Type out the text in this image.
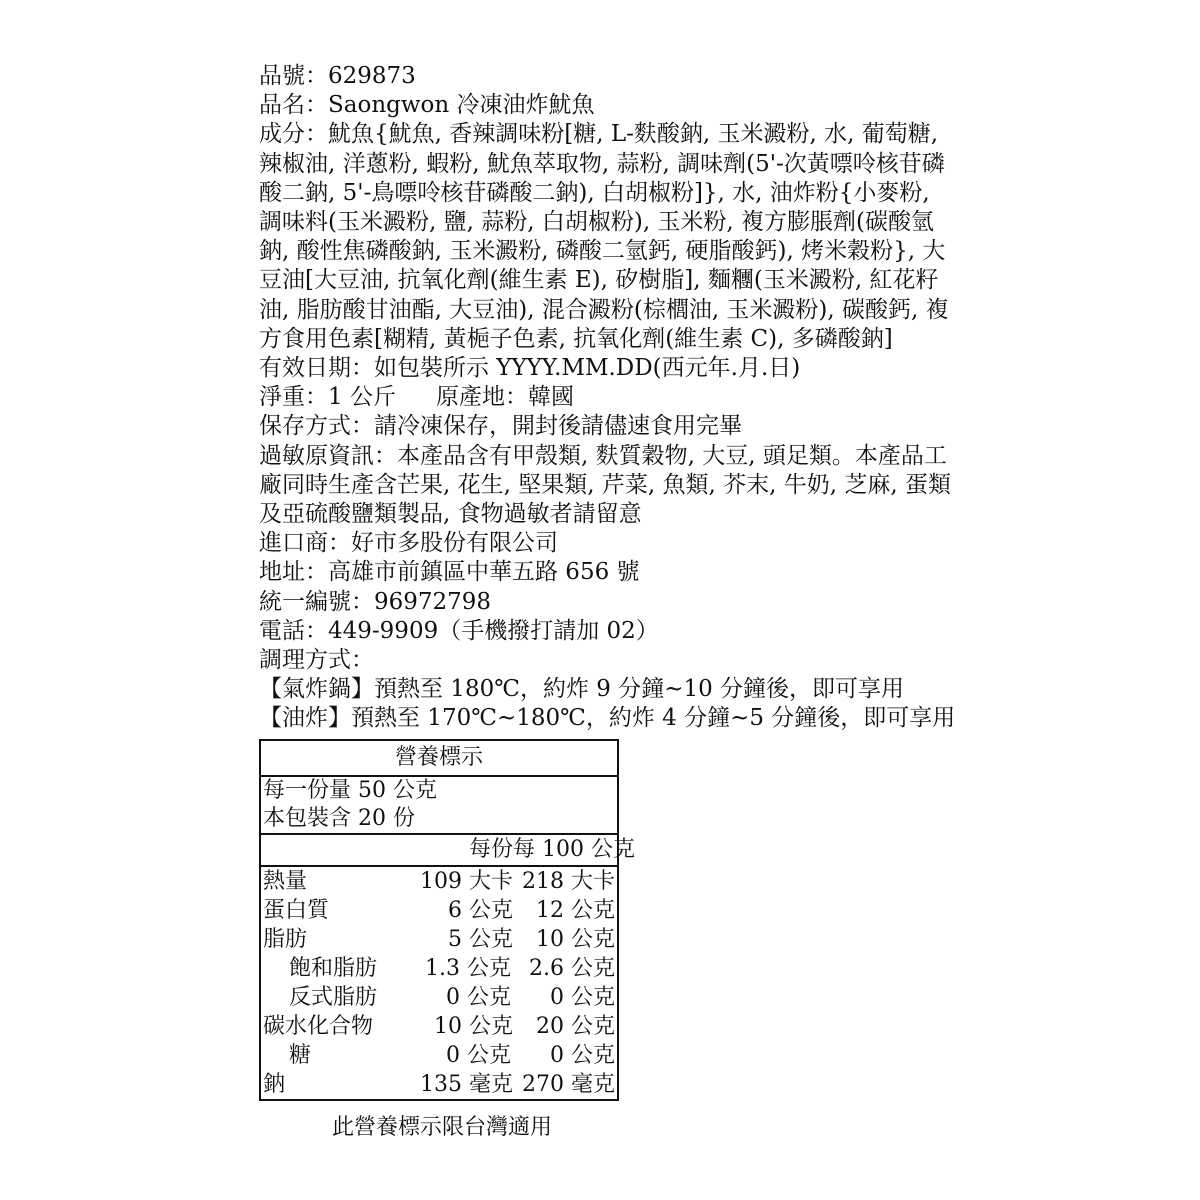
品號：629873
品名：Saongwon 冷凍油炸魷魚
成分：魷魚{魷魚, 香辣調味粉[糖, L-麩酸鈉, 玉米澱粉, 水, 葡萄糖, 辣椒油, 洋蔥粉, 蝦粉, 魷魚萃取物, 蒜粉, 調味劑(5'-次黃嘌呤核苷磷酸二鈉, 5'-鳥嘌呤核苷磷酸二鈉), 白胡椒粉]}, 水, 油炸粉{小麥粉, 調味料(玉米澱粉, 鹽, 蒜粉, 白胡椒粉), 玉米粉, 複方膨脹劑(碳酸氫鈉, 酸性焦磷酸鈉, 玉米澱粉, 磷酸二氫鈣, 硬脂酸鈣), 烤米穀粉}, 大豆油[大豆油, 抗氧化劑(維生素 E), 矽樹脂], 麵糰(玉米澱粉, 紅花籽油, 脂肪酸甘油酯, 大豆油), 混合澱粉(棕櫚油, 玉米澱粉), 碳酸鈣, 複方食用色素[糊精, 黃梔子色素, 抗氧化劑(維生素 C), 多磷酸鈉]
有效日期：如包裝所示 YYYY.MM.DD(西元年.月.日)
淨重：1 公斤 原產地：韓國
保存方式：請冷凍保存，開封後請儘速食用完畢
過敏原資訊：本產品含有甲殼類, 麩質穀物, 大豆, 頭足類。本產品工廠同時生產含芒果, 花生, 堅果類, 芹菜, 魚類, 芥末, 牛奶, 芝麻, 蛋類及亞硫酸鹽類製品, 食物過敏者請留意
進口商：好市多股份有限公司
地址：高雄市前鎮區中華五路 656 號
統一編號：96972798
電話：449-9909（手機撥打請加 02）
調理方式：
【氣炸鍋】預熱至 180℃，約炸 9 分鐘~10 分鐘後，即可享用
【油炸】預熱至 170℃~180℃，約炸 4 分鐘~5 分鐘後，即可享用
營養標示
每一份量 50 公克
本包裝含 20 份
每份 每 100 公克
熱量	109 大卡 218 大卡
蛋白質	6 公克	12 公克
脂肪	5 公克	10 公克
飽和脂肪	1.3 公克 2.6 公克
反式脂肪	0 公克	0 公克
碳水化合物	10 公克	20 公克
糖	0 公克	0 公克
鈉	135 毫克 270 毫克
此營養標示限台灣適用
